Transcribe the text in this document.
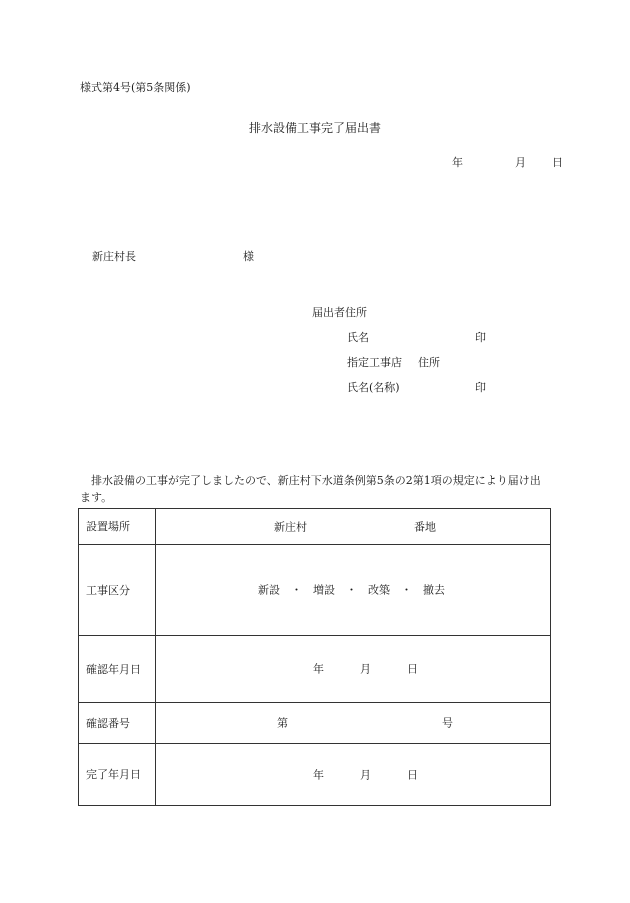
様式第4号(第5条関係)
排水設備工事完了届出書
年	月 日
新庄村長	様
届出者住所
氏名	印
指定工事店 住所
氏名(名称)	印
排水設備の工事が完了しましたので、新庄村下水道条例第5条の2第1項の規定により届け出ます。
設置場所	新庄村 番地

工事区分	新設　・　増設　・　改築　・　撤去

確認年月日	年 月 日

確認番号	第 号

完了年月日	年 月 日
